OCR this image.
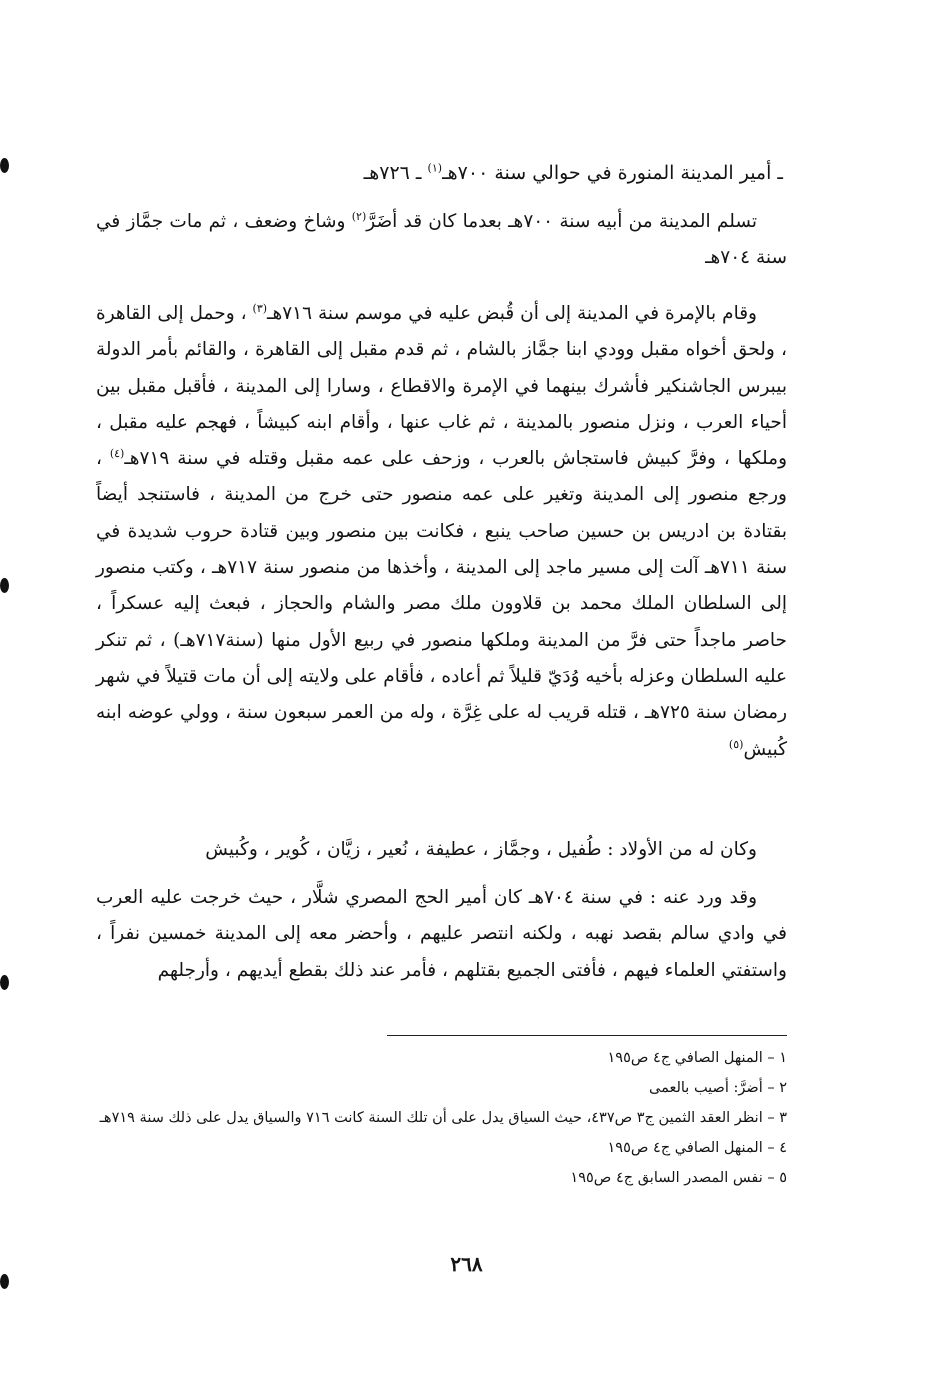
ـ أمير المدينة المنورة في حوالي سنة ٧٠٠هـ$^{(١)}$ ـ ٧٢٦هـ

تسلم المدينة من أبيه سنة ٧٠٠هـ بعدما كان قد أضَرَّ$^{(٢)}$ وشاخ وضعف ، ثم مات جمَّاز في سنة ٧٠٤هـ

وقام بالإمرة في المدينة إلى أن قُبض عليه في موسم سنة ٧١٦هـ$^{(٣)}$ ، وحمل إلى القاهرة ، ولحق أخواه مقبل وودي ابنا جمَّاز بالشام ، ثم قدم مقبل إلى القاهرة ، والقائم بأمر الدولة بيبرس الجاشنكير فأشرك بينهما في الإمرة والاقطاع ، وسارا إلى المدينة ، فأقبل مقبل بين أحياء العرب ، ونزل منصور بالمدينة ، ثم غاب عنها ، وأقام ابنه كبيشاً ، فهجم عليه مقبل ، وملكها ، وفرَّ كبيش فاستجاش بالعرب ، وزحف على عمه مقبل وقتله في سنة ٧١٩هـ$^{(٤)}$ ، ورجع منصور إلى المدينة وتغير على عمه منصور حتى خرج من المدينة ، فاستنجد أيضاً بقتادة بن ادريس بن حسين صاحب ينبع ، فكانت بين منصور وبين قتادة حروب شديدة في سنة ٧١١هـ آلت إلى مسير ماجد إلى المدينة ، وأخذها من منصور سنة ٧١٧هـ ، وكتب منصور إلى السلطان الملك محمد بن قلاوون ملك مصر والشام والحجاز ، فبعث إليه عسكراً ، حاصر ماجداً حتى فرَّ من المدينة وملكها منصور في ربيع الأول منها (سنة٧١٧هـ) ، ثم تنكر عليه السلطان وعزله بأخيه وُدَيّ قليلاً ثم أعاده ، فأقام على ولايته إلى أن مات قتيلاً في شهر رمضان سنة ٧٢٥هـ ، قتله قريب له على غِرَّة ، وله من العمر سبعون سنة ، وولي عوضه ابنه كُبيش$^{(٥)}$

وكان له من الأولاد : طُفيل ، وجمَّاز ، عطيفة ، نُعير ، زيَّان ، كُوير ، وكُبيش

وقد ورد عنه : في سنة ٧٠٤هـ كان أمير الحج المصري شلَّار ، حيث خرجت عليه العرب في وادي سالم بقصد نهبه ، ولكنه انتصر عليهم ، وأحضر معه إلى المدينة خمسين نفراً ، واستفتي العلماء فيهم ، فأفتى الجميع بقتلهم ، فأمر عند ذلك بقطع أيديهم ، وأرجلهم

١ – المنهل الصافي ج٤ ص١٩٥
٢ – أضرَّ: أصيب بالعمى
٣ – انظر العقد الثمين ج٣ ص٤٣٧، حيث السياق يدل على أن تلك السنة كانت ٧١٦ والسياق يدل على ذلك سنة ٧١٩هـ
٤ – المنهل الصافي ج٤ ص١٩٥
٥ – نفس المصدر السابق ج٤ ص١٩٥
٢٦٨
